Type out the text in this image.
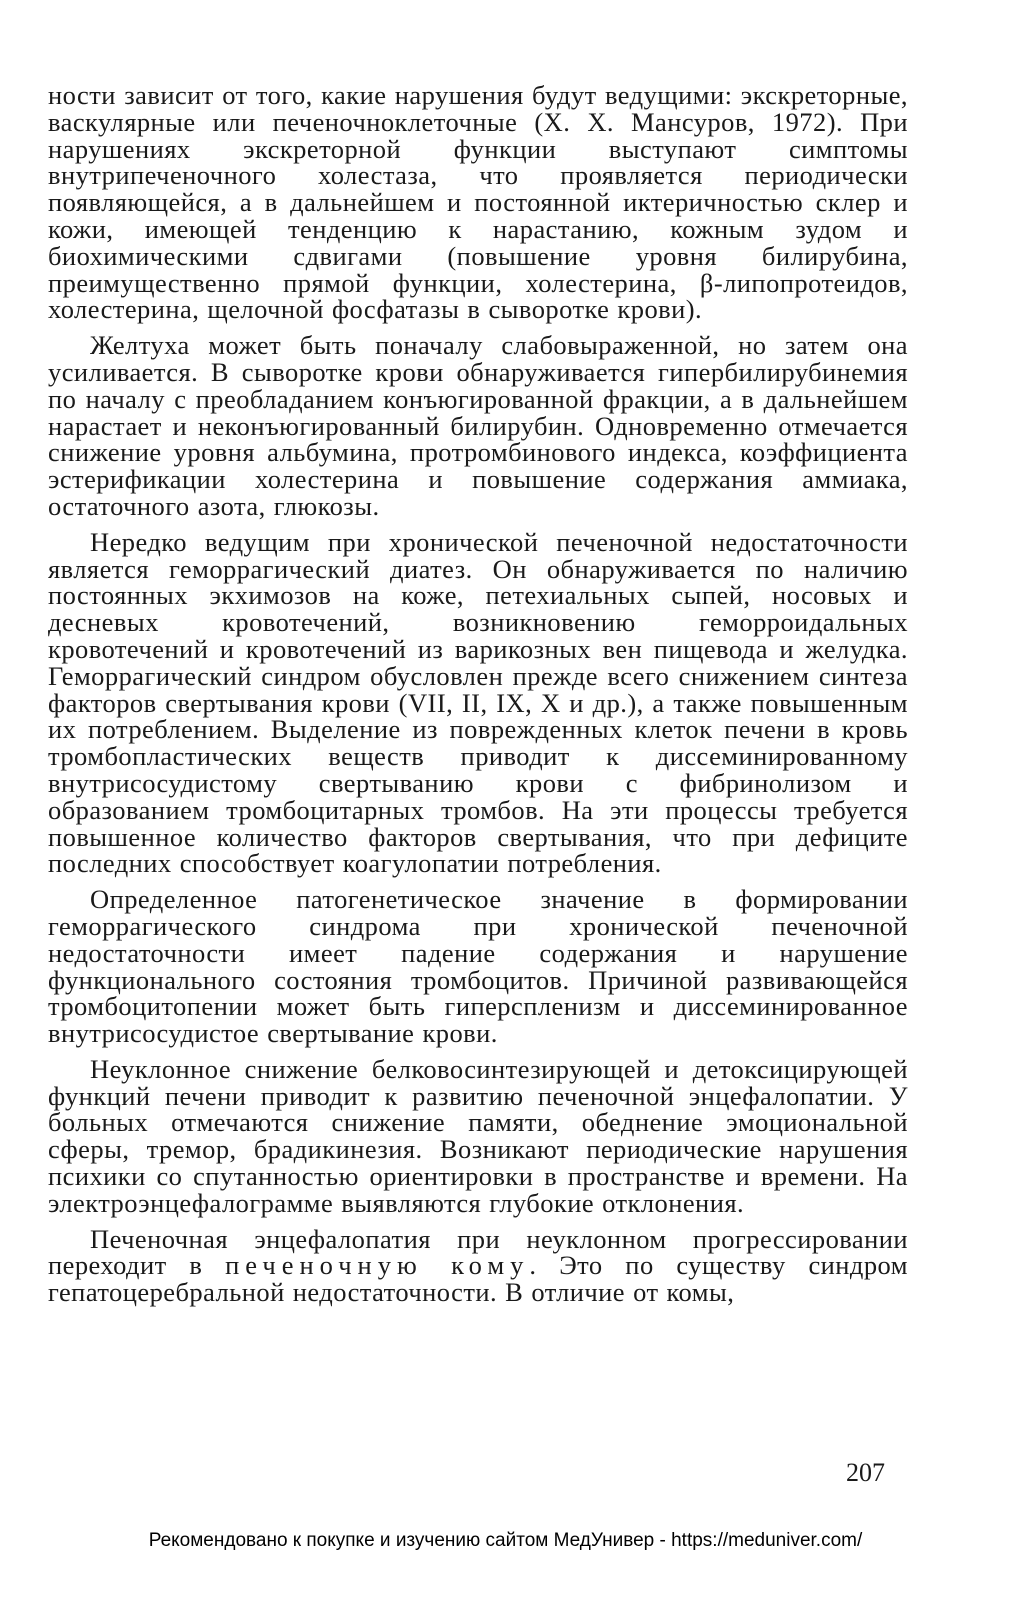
ности зависит от того, какие нарушения будут ведущими: экскреторные, васкулярные или печеночноклеточные (Х. Х. Мансуров, 1972). При нарушениях экскреторной функции выступают симптомы внутрипеченочного холестаза, что проявляется периодически появляющейся, а в дальнейшем и постоянной иктеричностью склер и кожи, имеющей тенденцию к нарастанию, кожным зудом и биохимическими сдвигами (повышение уровня билирубина, преимущественно прямой функции, холестерина, β-липопротеидов, холестерина, щелочной фосфатазы в сыворотке крови).

Желтуха может быть поначалу слабовыраженной, но затем она усиливается. В сыворотке крови обнаруживается гипербилирубинемия по началу с преобладанием конъюгированной фракции, а в дальнейшем нарастает и неконъюгированный билирубин. Одновременно отмечается снижение уровня альбумина, протромбинового индекса, коэффициента эстерификации холестерина и повышение содержания аммиака, остаточного азота, глюкозы.

Нередко ведущим при хронической печеночной недостаточности является геморрагический диатез. Он обнаруживается по наличию постоянных экхимозов на коже, петехиальных сыпей, носовых и десневых кровотечений, возникновению геморроидальных кровотечений и кровотечений из варикозных вен пищевода и желудка. Геморрагический синдром обусловлен прежде всего снижением синтеза факторов свертывания крови (VII, II, IX, X и др.), а также повышенным их потреблением. Выделение из поврежденных клеток печени в кровь тромбопластических веществ приводит к диссеминированному внутрисосудистому свертыванию крови с фибринолизом и образованием тромбоцитарных тромбов. На эти процессы требуется повышенное количество факторов свертывания, что при дефиците последних способствует коагулопатии потребления.

Определенное патогенетическое значение в формировании геморрагического синдрома при хронической печеночной недостаточности имеет падение содержания и нарушение функционального состояния тромбоцитов. Причиной развивающейся тромбоцитопении может быть гиперспленизм и диссеминированное внутрисосудистое свертывание крови.

Неуклонное снижение белковосинтезирующей и детоксицирующей функций печени приводит к развитию печеночной энцефалопатии. У больных отмечаются снижение памяти, обеднение эмоциональной сферы, тремор, брадикинезия. Возникают периодические нарушения психики со спутанностью ориентировки в пространстве и времени. На электроэнцефалограмме выявляются глубокие отклонения.

Печеночная энцефалопатия при неуклонном прогрессировании переходит в печеночную кому. Это по существу синдром гепатоцеребральной недостаточности. В отличие от комы,

207
Рекомендовано к покупке и изучению сайтом МедУнивер - https://meduniver.com/
